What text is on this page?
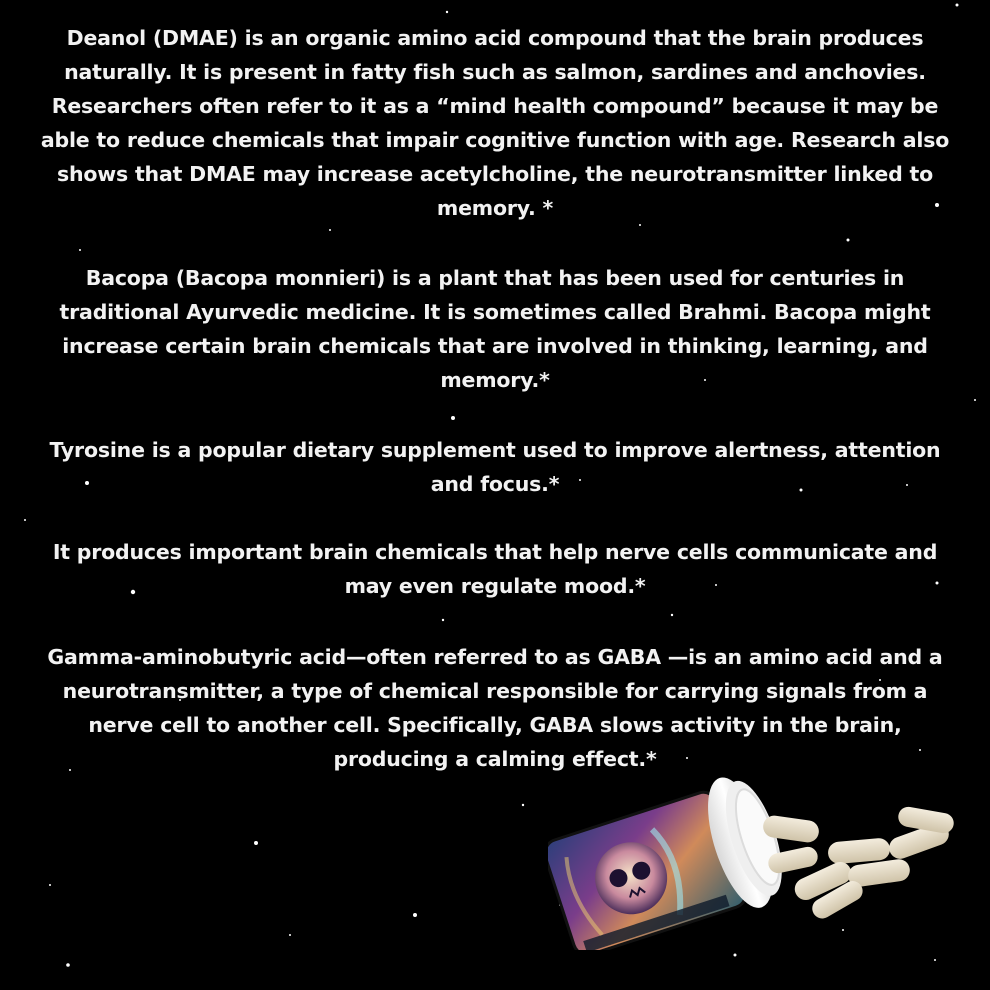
Deanol (DMAE) is an organic amino acid compound that the brain produces naturally. It is present in fatty fish such as salmon, sardines and anchovies. Researchers often refer to it as a “mind health compound” because it may be able to reduce chemicals that impair cognitive function with age. Research also shows that DMAE may increase acetylcholine, the neurotransmitter linked to memory. *

Bacopa (Bacopa monnieri) is a plant that has been used for centuries in traditional Ayurvedic medicine. It is sometimes called Brahmi. Bacopa might increase certain brain chemicals that are involved in thinking, learning, and memory.*

Tyrosine is a popular dietary supplement used to improve alertness, attention and focus.*

It produces important brain chemicals that help nerve cells communicate and may even regulate mood.*

Gamma-aminobutyric acid—often referred to as GABA —is an amino acid and a neurotransmitter, a type of chemical responsible for carrying signals from a nerve cell to another cell. Specifically, GABA slows activity in the brain, producing a calming effect.*
